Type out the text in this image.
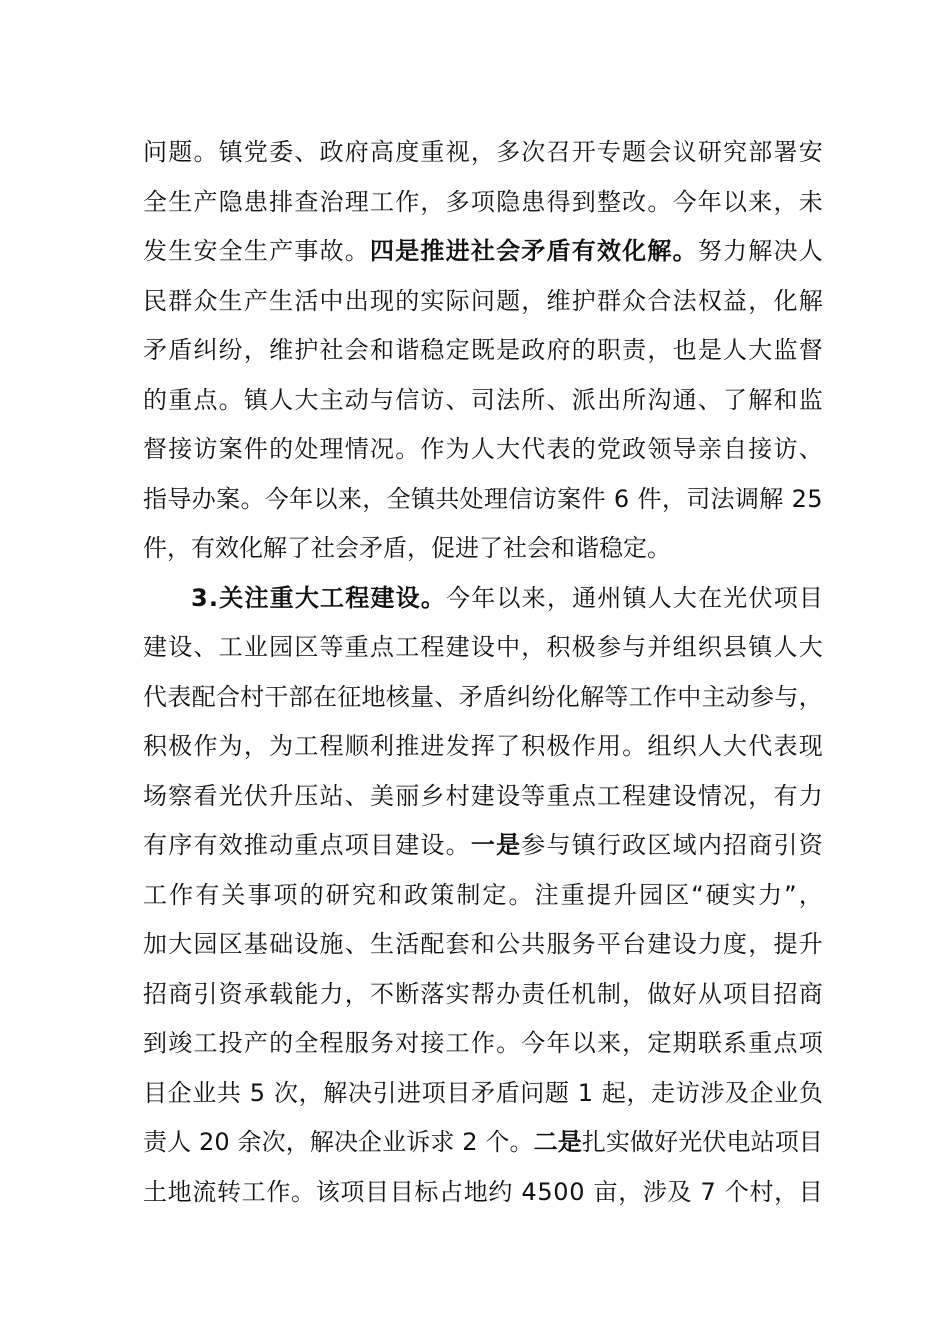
问 题 。 镇 党 委 、 政 府 高 度 重 视 ， 多 次 召 开 专 题 会 议 研 究 部 署 安
全 生 产 隐 患 排 查 治 理 工 作 ， 多 项 隐 患 得 到 整 改 。 今 年 以 来 ， 未
发 生 安 全 生 产 事 故 。 四 是 推 进 社 会 矛 盾 有 效 化 解 。 努 力 解 决 人
民 群 众 生 产 生 活 中 出 现 的 实 际 问 题 ， 维 护 群 众 合 法 权 益 ， 化 解
矛 盾 纠 纷 ， 维 护 社 会 和 谐 稳 定 既 是 政 府 的 职 责 ， 也 是 人 大 监 督
的 重 点 。 镇 人 大 主 动 与 信 访 、 司 法 所 、 派 出 所 沟 通 、 了 解 和 监
督 接 访 案 件 的 处 理 情 况 。 作 为 人 大 代 表 的 党 政 领 导 亲 自 接 访 、
指 导 办 案 。 今 年 以 来 ， 全 镇 共 处 理 信 访 案 件
6
件 ， 司 法 调 解
2 5
件，有效化解了社会矛盾，促进了社会和谐稳定。
3 . 关 注 重 大 工 程 建 设 。 今 年 以 来 ， 通 州 镇 人 大 在 光 伏 项 目
建 设 、 工 业 园 区 等 重 点 工 程 建 设 中 ， 积 极 参 与 并 组 织 县 镇 人 大
代 表 配 合 村 干 部 在 征 地 核 量 、 矛 盾 纠 纷 化 解 等 工 作 中 主 动 参 与 ，
积 极 作 为 ， 为 工 程 顺 利 推 进 发 挥 了 积 极 作 用 。 组 织 人 大 代 表 现
场 察 看 光 伏 升 压 站 、 美 丽 乡 村 建 设 等 重 点 工 程 建 设 情 况 ， 有 力
有 序 有 效 推 动 重 点 项 目 建 设 。 一 是 参 与 镇 行 政 区 域 内 招 商 引 资
工 作 有 关 事 项 的 研 究 和 政 策 制 定 。 注 重 提 升 园 区 “ 硬 实 力 ” ，
加 大 园 区 基 础 设 施 、 生 活 配 套 和 公 共 服 务 平 台 建 设 力 度 ， 提 升
招 商 引 资 承 载 能 力 ， 不 断 落 实 帮 办 责 任 机 制 ， 做 好 从 项 目 招 商
到 竣 工 投 产 的 全 程 服 务 对 接 工 作 。 今 年 以 来 ， 定 期 联 系 重 点 项
目 企 业 共
5
次 ， 解 决 引 进 项 目 矛 盾 问 题
1
起 ， 走 访 涉 及 企 业 负
责 人
2 0
余 次 ， 解 决 企 业 诉 求
2
个 。 二 是 扎 实 做 好 光 伏 电 站 项 目
土 地 流 转 工 作 。 该 项 目 目 标 占 地 约
4 5 0 0
亩 ， 涉 及
7
个 村 ， 目
